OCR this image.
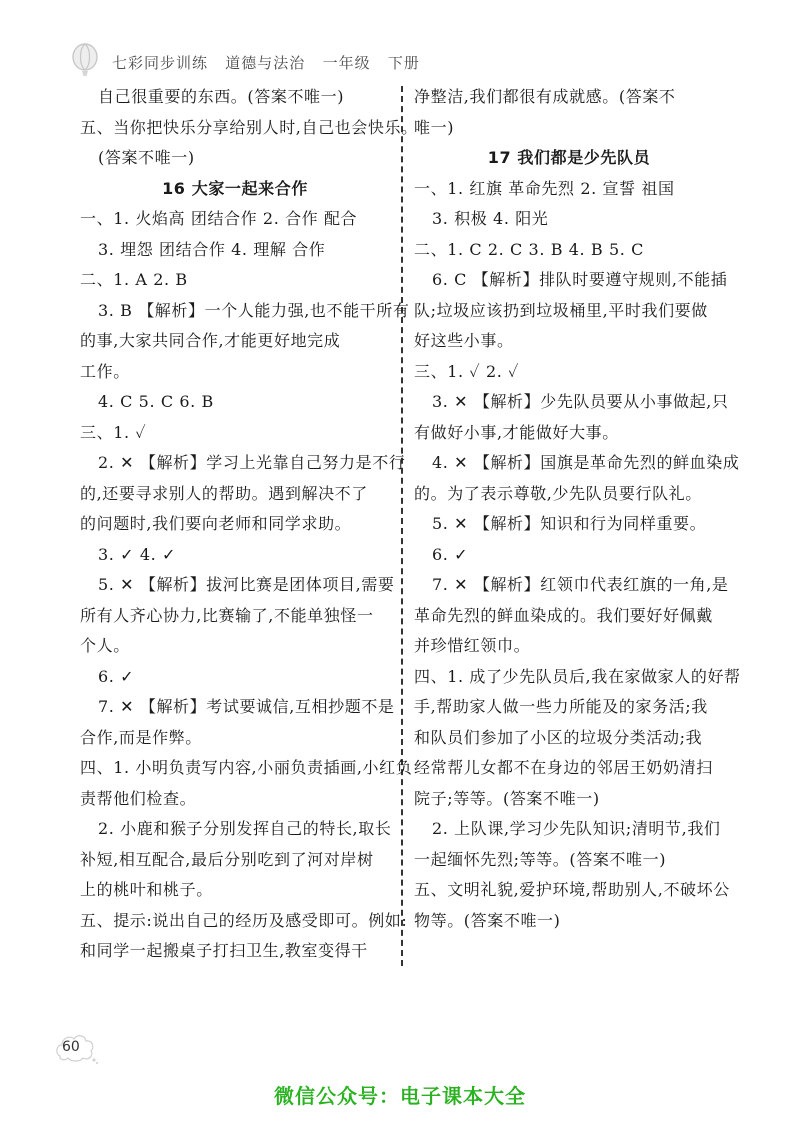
七彩同步训练   道德与法治   一年级   下册
自己很重要的东西。(答案不唯一)
五、当你把快乐分享给别人时,自己也会快乐。
(答案不唯一)
16 大家一起来合作
一、1. 火焰高 团结合作 2. 合作 配合
3. 埋怨 团结合作 4. 理解 合作
二、1. A 2. B
3. B 【解析】一个人能力强,也不能干所有
的事,大家共同合作,才能更好地完成
工作。
4. C 5. C 6. B
三、1. ✓
2. ✕ 【解析】学习上光靠自己努力是不行
的,还要寻求别人的帮助。遇到解决不了
的问题时,我们要向老师和同学求助。
3. ✓ 4. ✓
5. ✕ 【解析】拔河比赛是团体项目,需要
所有人齐心协力,比赛输了,不能单独怪一
个人。
6. ✓
7. ✕ 【解析】考试要诚信,互相抄题不是
合作,而是作弊。
四、1. 小明负责写内容,小丽负责插画,小红负
责帮他们检查。
2. 小鹿和猴子分别发挥自己的特长,取长
补短,相互配合,最后分别吃到了河对岸树
上的桃叶和桃子。
五、提示:说出自己的经历及感受即可。例如:
和同学一起搬桌子打扫卫生,教室变得干
净整洁,我们都很有成就感。(答案不
唯一)
17 我们都是少先队员
一、1. 红旗 革命先烈 2. 宣誓 祖国
3. 积极 4. 阳光
二、1. C 2. C 3. B 4. B 5. C
6. C 【解析】排队时要遵守规则,不能插
队;垃圾应该扔到垃圾桶里,平时我们要做
好这些小事。
三、1. ✓ 2. ✓
3. ✕ 【解析】少先队员要从小事做起,只
有做好小事,才能做好大事。
4. ✕ 【解析】国旗是革命先烈的鲜血染成
的。为了表示尊敬,少先队员要行队礼。
5. ✕ 【解析】知识和行为同样重要。
6. ✓
7. ✕ 【解析】红领巾代表红旗的一角,是
革命先烈的鲜血染成的。我们要好好佩戴
并珍惜红领巾。
四、1. 成了少先队员后,我在家做家人的好帮
手,帮助家人做一些力所能及的家务活;我
和队员们参加了小区的垃圾分类活动;我
经常帮儿女都不在身边的邻居王奶奶清扫
院子;等等。(答案不唯一)
2. 上队课,学习少先队知识;清明节,我们
一起缅怀先烈;等等。(答案不唯一)
五、文明礼貌,爱护环境,帮助别人,不破坏公
物等。(答案不唯一)
60
微信公众号：电子课本大全
